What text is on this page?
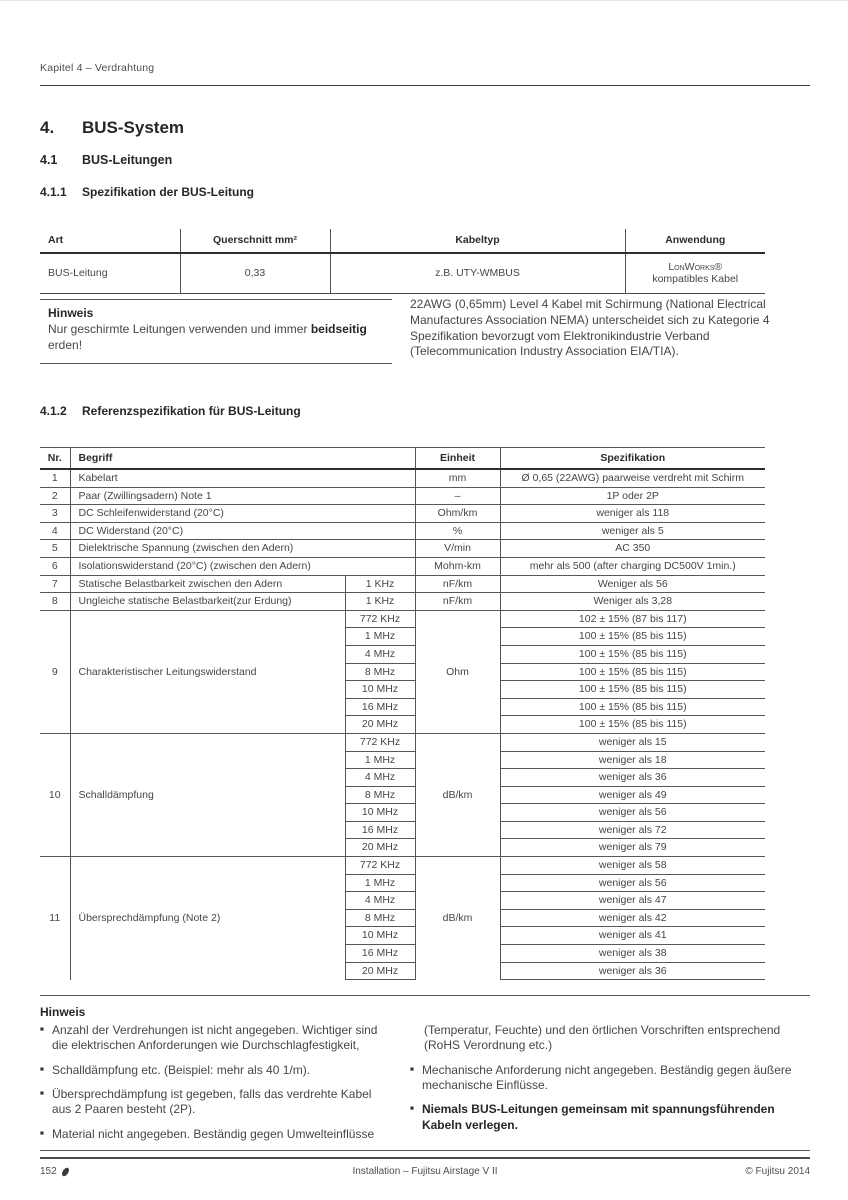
Kapitel 4 – Verdrahtung
4. BUS-System
4.1 BUS-Leitungen
4.1.1 Spezifikation der BUS-Leitung
Art	Querschnitt mm²	Kabeltyp	Anwendung
BUS-Leitung	0,33	z.B. UTY-WMBUS	LonWorks®
kompatibles Kabel
Hinweis
Nur geschirmte Leitungen verwenden und immer beidseitig erden!
22AWG (0,65mm) Level 4 Kabel mit Schirmung (National Electrical Manufactures Association NEMA) unterscheidet sich zu Kategorie 4 Spezifikation bevorzugt vom Elektronikindustrie Verband (Telecommunication Industry Association EIA/TIA).
4.1.2 Referenzspezifikation für BUS-Leitung
Nr.	Begriff		Einheit	Spezifikation
1	Kabelart		mm	Ø 0,65 (22AWG) paarweise verdreht mit Schirm
2	Paar (Zwillingsadern) Note 1		–	1P oder 2P
3	DC Schleifenwiderstand (20°C)		Ohm/km	weniger als 118
4	DC Widerstand (20°C)		%	weniger als 5
5	Dielektrische Spannung (zwischen den Adern)		V/min	AC 350
6	Isolationswiderstand (20°C) (zwischen den Adern)		Mohm-km	mehr als 500 (after charging DC500V 1min.)
7	Statische Belastbarkeit zwischen den Adern	1 KHz	nF/km	Weniger als 56
8	Ungleiche statische Belastbarkeit(zur Erdung)	1 KHz	nF/km	Weniger als 3,28
9	Charakteristischer Leitungswiderstand	772 KHz	Ohm	102 ± 15% (87 bis 117)
		1 MHz		100 ± 15% (85 bis 115)
		4 MHz		100 ± 15% (85 bis 115)
		8 MHz		100 ± 15% (85 bis 115)
		10 MHz		100 ± 15% (85 bis 115)
		16 MHz		100 ± 15% (85 bis 115)
		20 MHz		100 ± 15% (85 bis 115)
10	Schalldämpfung	772 KHz	dB/km	weniger als 15
		1 MHz		weniger als 18
		4 MHz		weniger als 36
		8 MHz		weniger als 49
		10 MHz		weniger als 56
		16 MHz		weniger als 72
		20 MHz		weniger als 79
11	Übersprechdämpfung (Note 2)	772 KHz	dB/km	weniger als 58
		1 MHz		weniger als 56
		4 MHz		weniger als 47
		8 MHz		weniger als 42
		10 MHz		weniger als 41
		16 MHz		weniger als 38
		20 MHz		weniger als 36
Hinweis
■ Anzahl der Verdrehungen ist nicht angegeben. Wichtiger sind die elektrischen Anforderungen wie Durchschlagfestigkeit,
■ Schalldämpfung etc. (Beispiel: mehr als 40 1/m).
■ Übersprechdämpfung ist gegeben, falls das verdrehte Kabel aus 2 Paaren besteht (2P).
■ Material nicht angegeben. Beständig gegen Umwelteinflüsse
(Temperatur, Feuchte) und den örtlichen Vorschriften entsprechend (RoHS Verordnung etc.)
■ Mechanische Anforderung nicht angegeben. Beständig gegen äußere mechanische Einflüsse.
■ Niemals BUS-Leitungen gemeinsam mit spannungsführenden Kabeln verlegen.
152	Installation – Fujitsu Airstage V II	© Fujitsu 2014
